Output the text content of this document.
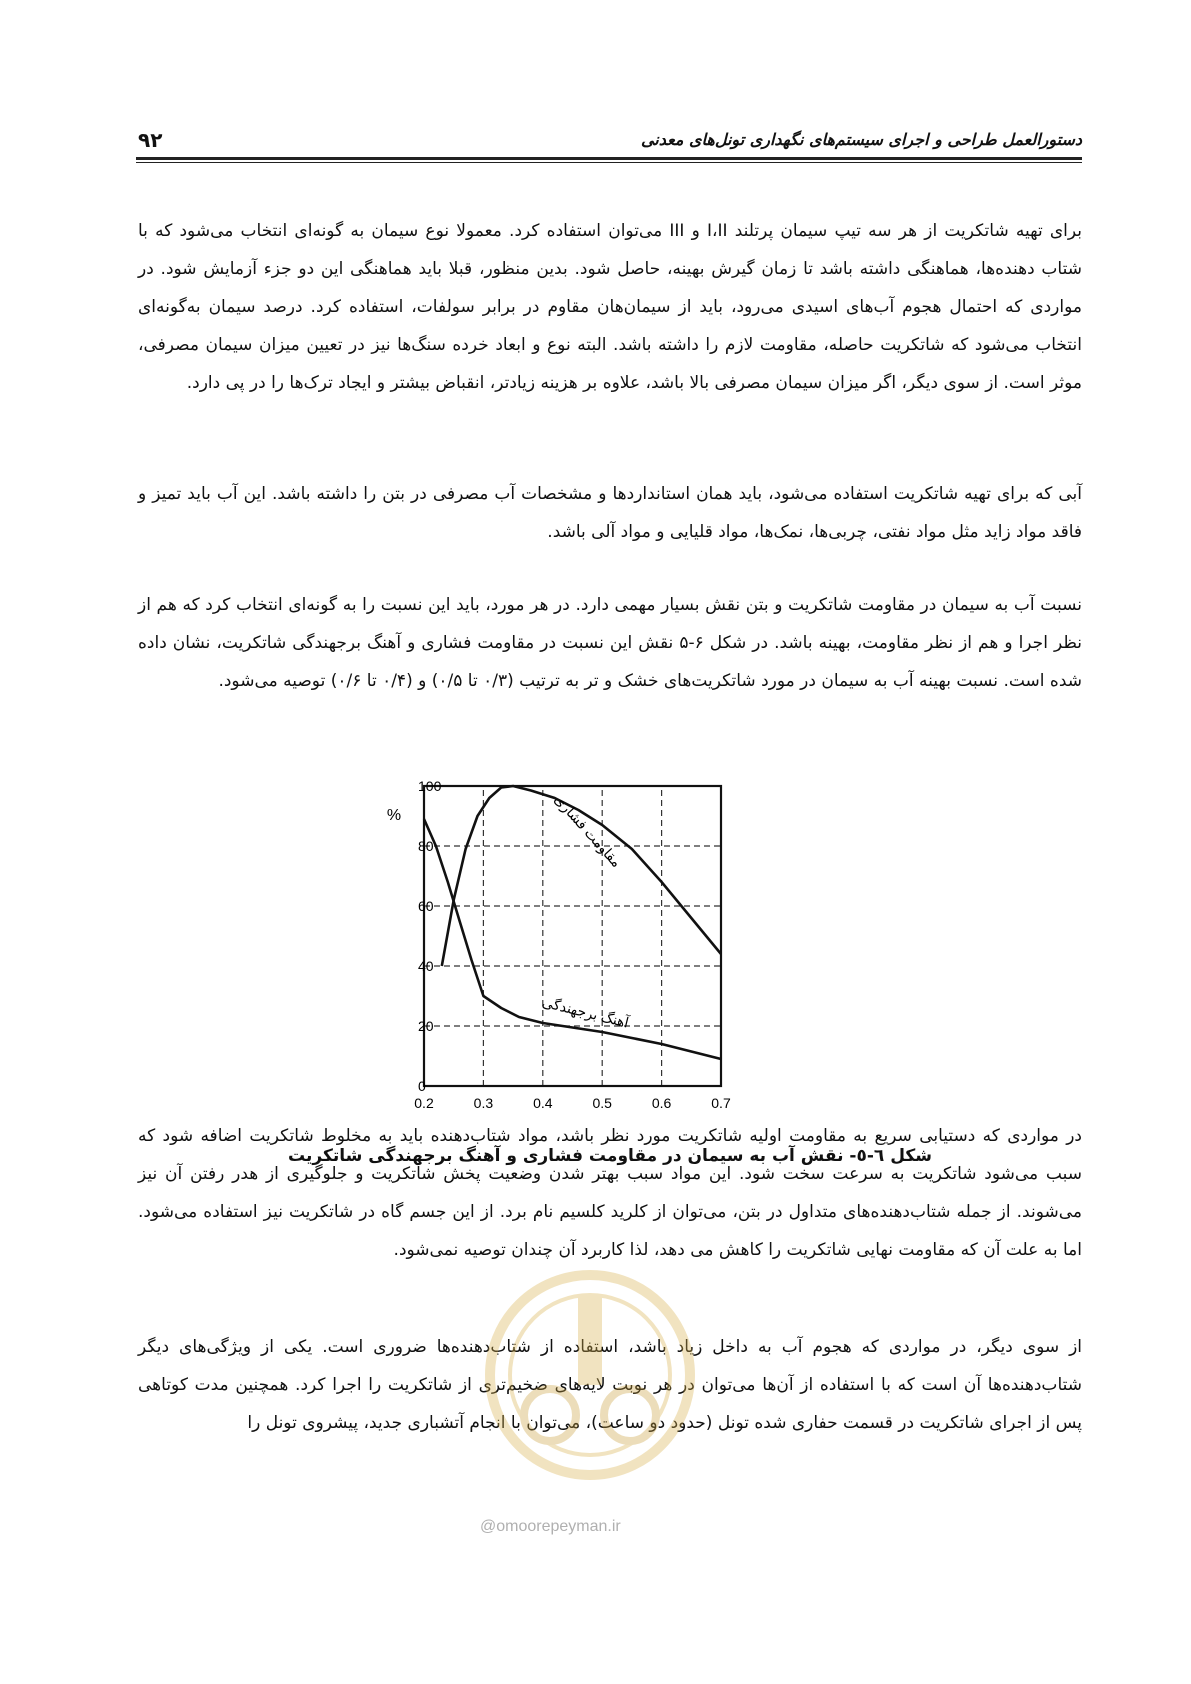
۹۲	دستورالعمل طراحی و اجرای سیستم‌های نگهداری تونل‌های معدنی

برای تهیه شاتکریت از هر سه تیپ سیمان پرتلند I،II و III می‌توان استفاده کرد. معمولا نوع سیمان به گونه‌ای انتخاب می‌شود که با شتاب دهنده‌ها، هماهنگی داشته باشد تا زمان گیرش بهینه، حاصل شود. بدین منظور، قبلا باید هماهنگی این دو جزء آزمایش شود. در مواردی که احتمال هجوم آب‌های اسیدی می‌رود، باید از سیمان‌هان مقاوم در برابر سولفات، استفاده کرد. درصد سیمان به‌گونه‌ای انتخاب می‌شود که شاتکریت حاصله، مقاومت لازم را داشته باشد. البته نوع و ابعاد خرده سنگ‌ها نیز در تعیین میزان سیمان مصرفی، موثر است. از سوی دیگر، اگر میزان سیمان مصرفی بالا باشد، علاوه بر هزینه زیادتر، انقباض بیشتر و ایجاد ترک‌ها را در پی دارد.

آبی که برای تهیه شاتکریت استفاده می‌شود، باید همان استانداردها و مشخصات آب مصرفی در بتن را داشته باشد. این آب باید تمیز و فاقد مواد زاید مثل مواد نفتی، چربی‌ها، نمک‌ها، مواد قلیایی و مواد آلی باشد.

نسبت آب به سیمان در مقاومت شاتکریت و بتن نقش بسیار مهمی دارد. در هر مورد، باید این نسبت را به گونه‌ای انتخاب کرد که هم از نظر اجرا و هم از نظر مقاومت، بهینه باشد. در شکل ۶-۵ نقش این نسبت در مقاومت فشاری و آهنگ برجهندگی شاتکریت، نشان داده شده است. نسبت بهینه آب به سیمان در مورد شاتکریت‌های خشک و تر به ترتیب (۰/۳ تا ۰/۵) و (۰/۴ تا ۰/۶) توصیه می‌شود.

0.2	0.3	0.4	0.5	0.6	0.7
0
20
40
60
80
100
%	مقاومت فشاری
آهنگ برجهندگی
شکل ٦-٥- نقش آب به سیمان در مقاومت فشاری و آهنگ برجهندگی شاتکریت

در مواردی که دستیابی سریع به مقاومت اولیه شاتکریت مورد نظر باشد، مواد شتاب‌دهنده باید به مخلوط شاتکریت اضافه شود که سبب می‌شود شاتکریت به سرعت سخت شود. این مواد سبب بهتر شدن وضعیت پخش شاتکریت و جلوگیری از هدر رفتن آن نیز می‌شوند. از جمله شتاب‌دهنده‌های متداول در بتن، می‌توان از کلرید کلسیم نام برد. از این جسم گاه در شاتکریت نیز استفاده می‌شود. اما به علت آن که مقاومت نهایی شاتکریت را کاهش می دهد، لذا کاربرد آن چندان توصیه نمی‌شود.

از سوی دیگر، در مواردی که هجوم آب به داخل زیاد باشد، استفاده از شتاب‌دهنده‌ها ضروری است. یکی از ویژگی‌های دیگر شتاب‌دهنده‌ها آن است که با استفاده از آن‌ها می‌توان در هر نوبت لایه‌های ضخیم‌تری از شاتکریت را اجرا کرد. همچنین مدت کوتاهی پس از اجرای شاتکریت در قسمت حفاری شده تونل (حدود دو ساعت)، می‌توان با انجام آتشباری جدید، پیشروی تونل را

@omoorepeyman.ir
